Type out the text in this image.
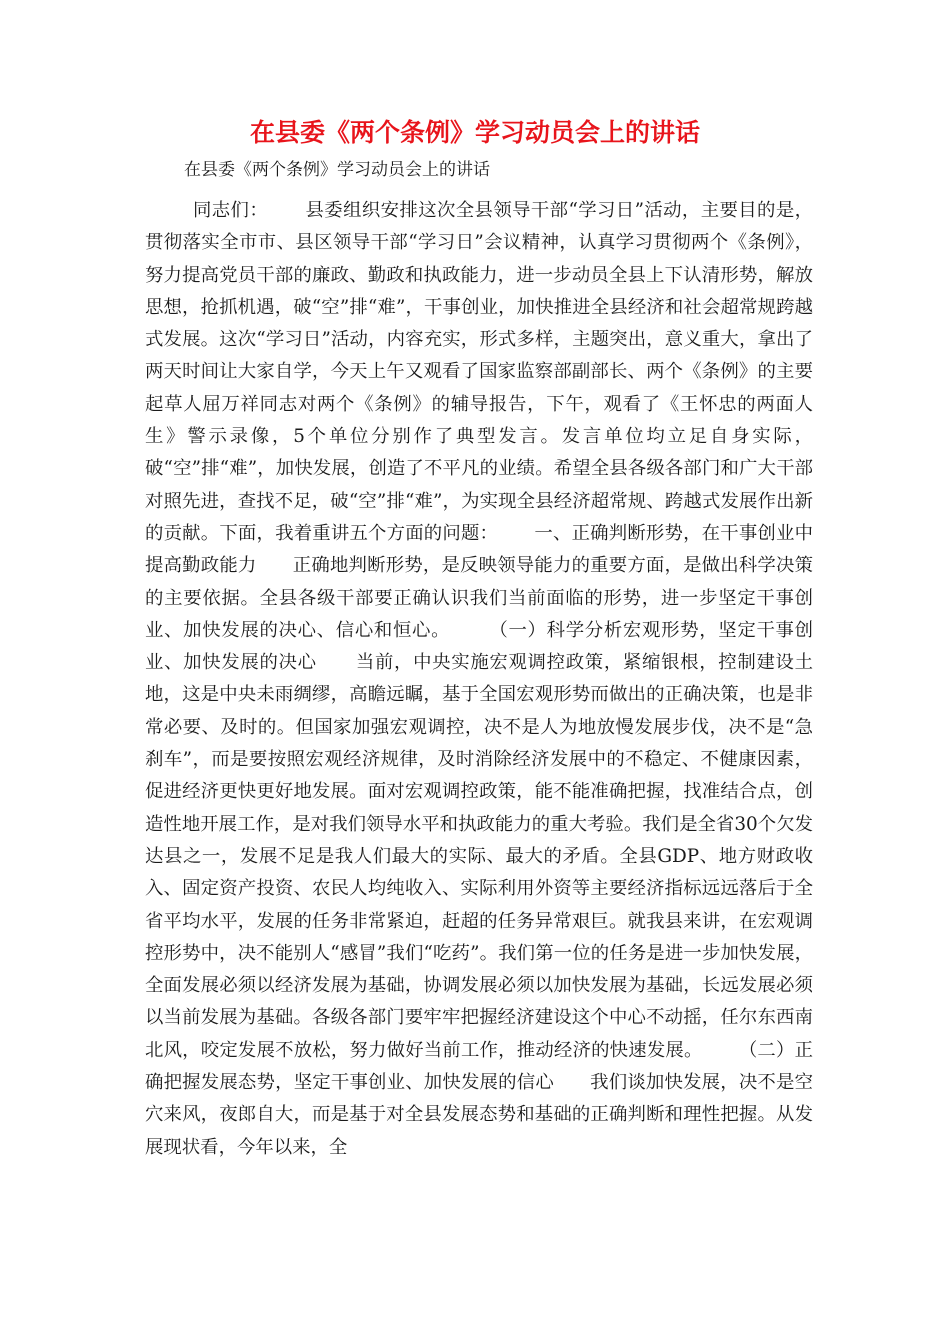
在县委《两个条例》学习动员会上的讲话

在县委《两个条例》学习动员会上的讲话

同志们：      县委组织安排这次全县领导干部“学习日”活动，主要目的是，贯彻落实全市市、县区领导干部“学习日”会议精神，认真学习贯彻两个《条例》，努力提高党员干部的廉政、勤政和执政能力，进一步动员全县上下认清形势，解放思想，抢抓机遇，破“空”排“难”，干事创业，加快推进全县经济和社会超常规跨越式发展。这次“学习日”活动，内容充实，形式多样，主题突出，意义重大，拿出了两天时间让大家自学，今天上午又观看了国家监察部副部长、两个《条例》的主要起草人屈万祥同志对两个《条例》的辅导报告，下午，观看了《王怀忠的两面人生》警示录像，5个单位分别作了典型发言。发言单位均立足自身实际，破“空”排“难”，加快发展，创造了不平凡的业绩。希望全县各级各部门和广大干部对照先进，查找不足，破“空”排“难”，为实现全县经济超常规、跨越式发展作出新的贡献。下面，我着重讲五个方面的问题：      一、正确判断形势，在干事创业中提高勤政能力      正确地判断形势，是反映领导能力的重要方面，是做出科学决策的主要依据。全县各级干部要正确认识我们当前面临的形势，进一步坚定干事创业、加快发展的决心、信心和恒心。      （一）科学分析宏观形势，坚定干事创业、加快发展的决心      当前，中央实施宏观调控政策，紧缩银根，控制建设土地，这是中央未雨绸缪，高瞻远瞩，基于全国宏观形势而做出的正确决策，也是非常必要、及时的。但国家加强宏观调控，决不是人为地放慢发展步伐，决不是“急刹车”，而是要按照宏观经济规律，及时消除经济发展中的不稳定、不健康因素，促进经济更快更好地发展。面对宏观调控政策，能不能准确把握，找准结合点，创造性地开展工作，是对我们领导水平和执政能力的重大考验。我们是全省30个欠发达县之一，发展不足是我人们最大的实际、最大的矛盾。全县GDP、地方财政收入、固定资产投资、农民人均纯收入、实际利用外资等主要经济指标远远落后于全省平均水平，发展的任务非常紧迫，赶超的任务异常艰巨。就我县来讲，在宏观调控形势中，决不能别人“感冒”我们“吃药”。我们第一位的任务是进一步加快发展，全面发展必须以经济发展为基础，协调发展必须以加快发展为基础，长远发展必须以当前发展为基础。各级各部门要牢牢把握经济建设这个中心不动摇，任尔东西南北风，咬定发展不放松，努力做好当前工作，推动经济的快速发展。      （二）正确把握发展态势，坚定干事创业、加快发展的信心      我们谈加快发展，决不是空穴来风，夜郎自大，而是基于对全县发展态势和基础的正确判断和理性把握。从发展现状看，今年以来，全
